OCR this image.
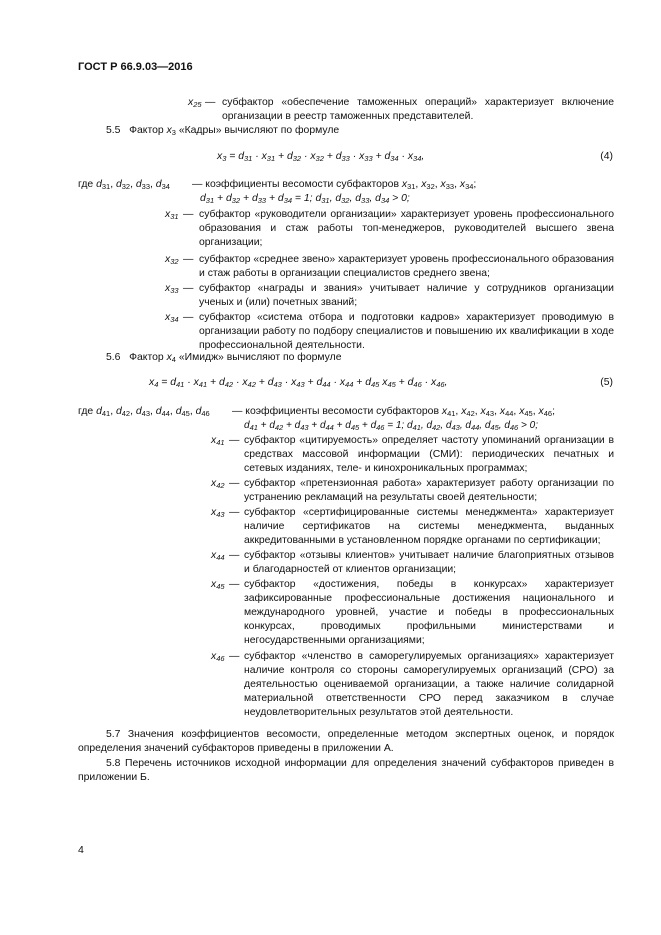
ГОСТ Р 66.9.03—2016
$x_{25}$ — субфактор «обеспечение таможенных операций» характеризует включение организации в реестр таможенных представителей.
5.5 Фактор $x_3$ «Кадры» вычисляют по формуле
$x_3 = d_{31} \cdot x_{31} + d_{32} \cdot x_{32} + d_{33} \cdot x_{33} + d_{34} \cdot x_{34}$,	(4)
где $d_{31}$, $d_{32}$, $d_{33}$, $d_{34}$ — коэффициенты весомости субфакторов $x_{31}$, $x_{32}$, $x_{33}$, $x_{34}$;
$d_{31} + d_{32} + d_{33} + d_{34} = 1$; $d_{31}$, $d_{32}$, $d_{33}$, $d_{34} > 0$;
$x_{31}$ — субфактор «руководители организации» характеризует уровень профессионального образования и стаж работы топ-менеджеров, руководителей высшего звена организации;
$x_{32}$ — субфактор «среднее звено» характеризует уровень профессионального образования и стаж работы в организации специалистов среднего звена;
$x_{33}$ — субфактор «награды и звания» учитывает наличие у сотрудников организации ученых и (или) почетных званий;
$x_{34}$ — субфактор «система отбора и подготовки кадров» характеризует проводимую в организации работу по подбору специалистов и повышению их квалификации в ходе профессиональной деятельности.
5.6 Фактор $x_4$ «Имидж» вычисляют по формуле
$x_4 = d_{41} \cdot x_{41} + d_{42} \cdot x_{42} + d_{43} \cdot x_{43} + d_{44} \cdot x_{44} + d_{45}$ $x_{45} + d_{46} \cdot x_{46}$,	(5)
где $d_{41}$, $d_{42}$, $d_{43}$, $d_{44}$, $d_{45}$, $d_{46}$ — коэффициенты весомости субфакторов $x_{41}$, $x_{42}$, $x_{43}$, $x_{44}$, $x_{45}$, $x_{46}$;
$d_{41} + d_{42} + d_{43} + d_{44} + d_{45} + d_{46} = 1$; $d_{41}$, $d_{42}$, $d_{43}$, $d_{44}$, $d_{45}$, $d_{46} > 0$;
$x_{41}$ — субфактор «цитируемость» определяет частоту упоминаний организации в средствах массовой информации (СМИ): периодических печатных и сетевых изданиях, теле- и кинохроникальных программах;
$x_{42}$ — субфактор «претензионная работа» характеризует работу организации по устранению рекламаций на результаты своей деятельности;
$x_{43}$ — субфактор «сертифицированные системы менеджмента» характеризует наличие сертификатов на системы менеджмента, выданных аккредитованными в установленном порядке органами по сертификации;
$x_{44}$ — субфактор «отзывы клиентов» учитывает наличие благоприятных отзывов и благодарностей от клиентов организации;
$x_{45}$ — субфактор «достижения, победы в конкурсах» характеризует зафиксированные профессиональные достижения национального и международного уровней, участие и победы в профессиональных конкурсах, проводимых профильными министерствами и негосударственными организациями;
$x_{46}$ — субфактор «членство в саморегулируемых организациях» характеризует наличие контроля со стороны саморегулируемых организаций (СРО) за деятельностью оцениваемой организации, а также наличие солидарной материальной ответственности СРО перед заказчиком в случае неудовлетворительных результатов этой деятельности.
5.7 Значения коэффициентов весомости, определенные методом экспертных оценок, и порядок определения значений субфакторов приведены в приложении А.
5.8 Перечень источников исходной информации для определения значений субфакторов приведен в приложении Б.
4
